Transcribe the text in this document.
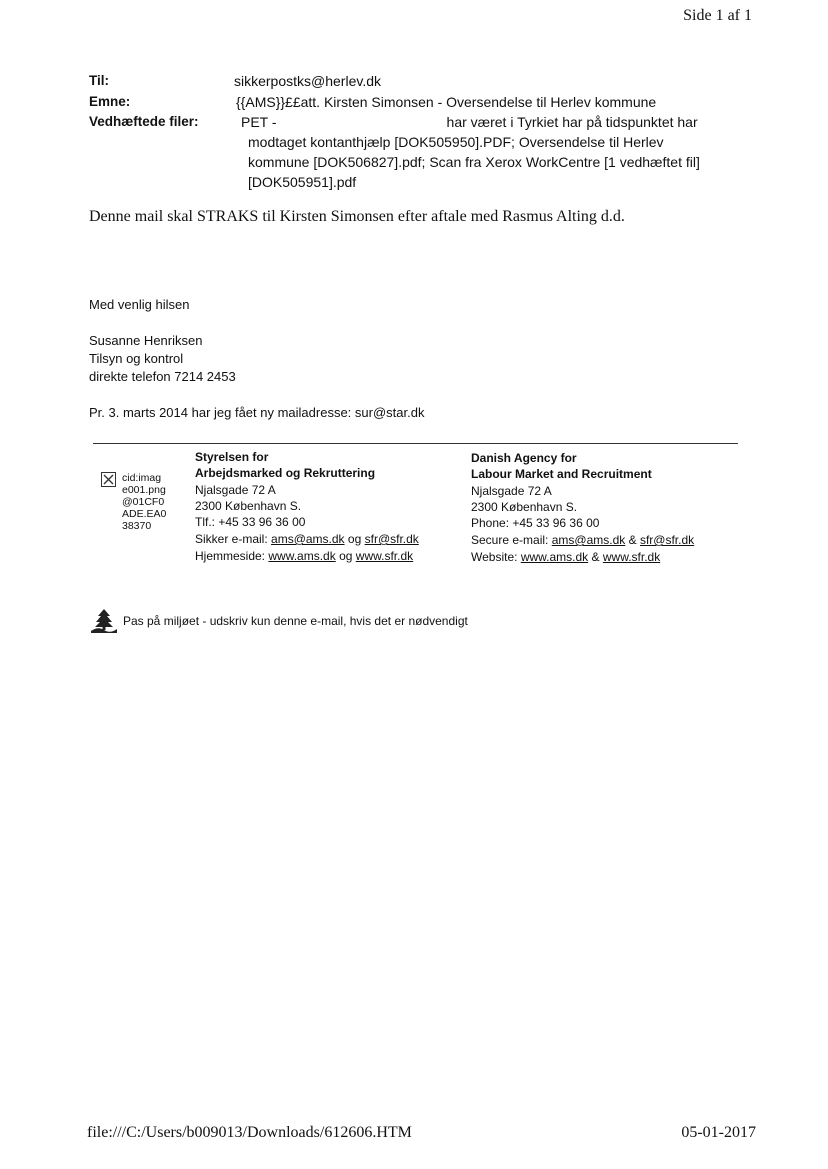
Side 1 af 1
Til:	sikkerpostks@herlev.dk
Emne:	{{AMS}}££att. Kirsten Simonsen - Oversendelse til Herlev kommune
Vedhæftede filer:	PET -	har været i Tyrkiet har på tidspunktet har
modtaget kontanthjælp [DOK505950].PDF; Oversendelse til Herlev
kommune [DOK506827].pdf; Scan fra Xerox WorkCentre [1 vedhæftet fil]
[DOK505951].pdf
Denne mail skal STRAKS til Kirsten Simonsen efter aftale med Rasmus Alting d.d.
Med venlig hilsen
Susanne Henriksen
Tilsyn og kontrol
direkte telefon 7214 2453
Pr. 3. marts 2014 har jeg fået ny mailadresse: sur@star.dk
cid:imag
e001.png
@01CF0
ADE.EA0
38370
Styrelsen for
Arbejdsmarked og Rekruttering
Njalsgade 72 A
2300 København S.
Tlf.: +45 33 96 36 00
Sikker e-mail: ams@ams.dk og sfr@sfr.dk
Hjemmeside: www.ams.dk og www.sfr.dk
Danish Agency for
Labour Market and Recruitment
Njalsgade 72 A
2300 København S.
Phone: +45 33 96 36 00
Secure e-mail: ams@ams.dk & sfr@sfr.dk
Website: www.ams.dk & www.sfr.dk
Pas på miljøet - udskriv kun denne e-mail, hvis det er nødvendigt
file:///C:/Users/b009013/Downloads/612606.HTM	05-01-2017
